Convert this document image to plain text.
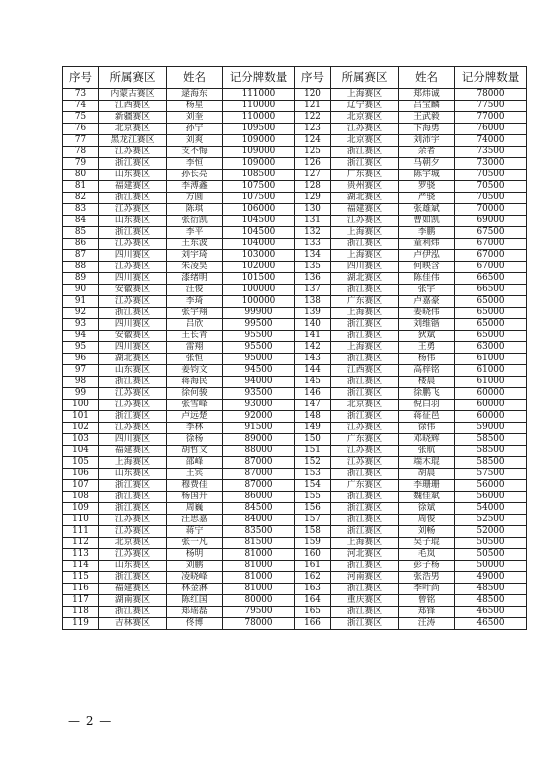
序号	所属赛区	姓名	记分牌数量	序号	所属赛区	姓名	记分牌数量
73	内蒙古赛区	逯海东	111000	120	上海赛区	郑炜诚	78000
74	江西赛区	杨星	110000	121	辽宁赛区	吕宝麟	77500
75	新疆赛区	刘奎	110000	122	北京赛区	王武毅	77000
76	北京赛区	孙宁	109500	123	江苏赛区	卞海勇	76000
77	黑龙江赛区	刘爽	109000	124	北京赛区	刘沛宇	74000
78	江苏赛区	支不悔	109000	125	浙江赛区	余者	73500
79	浙江赛区	李恒	109000	126	浙江赛区	马朝夕	73000
80	山东赛区	孙长亮	108500	127	广东赛区	陈宇城	70500
81	福建赛区	李溥鑫	107500	128	贵州赛区	罗骁	70500
82	浙江赛区	方圆	107500	129	湖北赛区	严骁	70500
83	江苏赛区	陈琪	106000	130	福建赛区	张雄斌	70000
84	山东赛区	张衍凯	104500	131	江苏赛区	曹如凯	69000
85	浙江赛区	李平	104500	132	上海赛区	李鹏	67500
86	江苏赛区	王东波	104000	133	浙江赛区	童利炜	67000
87	四川赛区	刘宇琦	103000	134	上海赛区	卢伊泓	67000
88	江苏赛区	朱凌昊	102000	135	四川赛区	何映含	67000
89	四川赛区	漆绪明	101500	136	湖北赛区	陈佳伟	66500
90	安徽赛区	汪俊	100000	137	浙江赛区	张宇	66500
91	江苏赛区	李琦	100000	138	广东赛区	卢嘉豪	65000
92	浙江赛区	张宇翔	99900	139	上海赛区	姜晓伟	65000
93	四川赛区	吕欣	99500	140	浙江赛区	刘维锴	65000
94	安徽赛区	王长青	95500	141	浙江赛区	狄斌	65000
95	四川赛区	雷翔	95500	142	上海赛区	王勇	63000
96	湖北赛区	张恒	95000	143	浙江赛区	杨伟	61000
97	山东赛区	姜钧文	94500	144	江西赛区	高梓铭	61000
98	浙江赛区	蒋海民	94000	145	浙江赛区	楼晨	61000
99	江苏赛区	徐何骏	93500	146	浙江赛区	徐鹏飞	60000
100	江苏赛区	张雪峰	93000	147	北京赛区	倪白羽	60000
101	浙江赛区	卢远楚	92000	148	浙江赛区	蒋征邑	60000
102	江苏赛区	李林	91500	149	江苏赛区	徐伟	59000
103	四川赛区	徐杨	89000	150	广东赛区	邓晓辉	58500
104	福建赛区	胡哲文	88000	151	江苏赛区	张航	58500
105	上海赛区	邵峰	87000	152	江苏赛区	端木琨	58500
106	山东赛区	王宾	87000	153	浙江赛区	胡晨	57500
107	浙江赛区	穆费佳	87000	154	广东赛区	李珊珊	56000
108	浙江赛区	杨国升	86000	155	浙江赛区	魏佳斌	56000
109	浙江赛区	周巍	84500	156	浙江赛区	徐斌	54000
110	江苏赛区	汪思嘉	84000	157	浙江赛区	周俊	52500
111	江苏赛区	蒋宁	83500	158	浙江赛区	刘畅	52000
112	北京赛区	张一凡	81500	159	上海赛区	吴子琨	50500
113	江苏赛区	杨明	81000	160	河北赛区	毛岚	50500
114	山东赛区	刘鹏	81000	161	浙江赛区	彭子杨	50000
115	浙江赛区	凌晓峰	81000	162	河南赛区	张浩男	49000
116	福建赛区	林金淋	81000	163	浙江赛区	季叶尚	48500
117	湖南赛区	陈红国	80000	164	重庆赛区	曾铭	48500
118	浙江赛区	郑瑶磊	79500	165	浙江赛区	郑锋	46500
119	吉林赛区	佟博	78000	166	浙江赛区	汪涛	46500
— 2 —
